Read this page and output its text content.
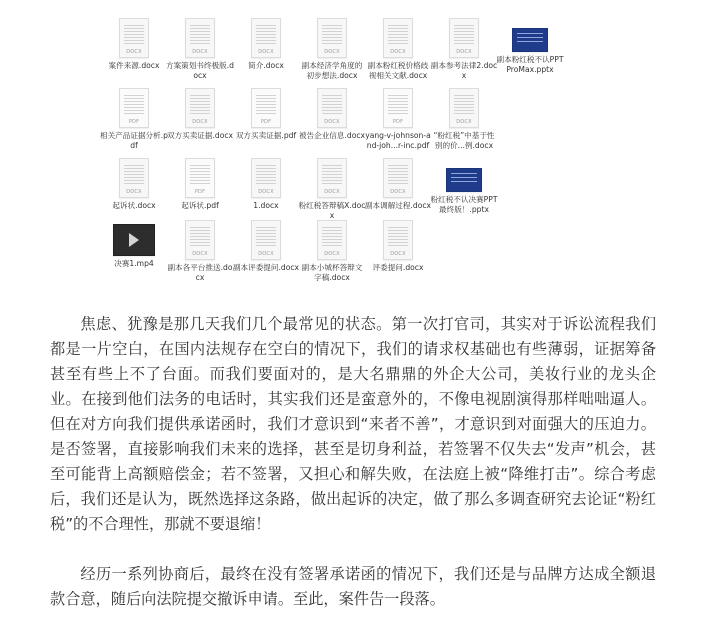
DOCX
案件来源.docx
DOCX
方案策划书终极版.docx
DOCX
简介.docx
DOCX
副本经济学角度的初步想法.docx
DOCX
副本粉红税价格歧视相关文献.docx
DOCX
副本参考法律2.docx
副本粉红税不认PPT ProMax.pptx
PDF
相关产品证据分析.pdf
DOCX
双方买卖证据.docx
PDF
双方买卖证据.pdf
DOCX
被告企业信息.docx
PDF
yang-v-johnson-and-joh...r-inc.pdf
DOCX
“粉红税”中基于性别的价...例.docx
DOCX
起诉状.docx
PDF
起诉状.pdf
DOCX
1.docx
DOCX
粉红税答辩稿X.docx
DOCX
副本调解过程.docx
粉红税不认决赛PPT最终版！.pptx
决赛1.mp4
DOCX
副本各平台推送.docx
DOCX
副本评委提问.docx
DOCX
副本小城杯答辩文字稿.docx
DOCX
评委提问.docx

焦虑、犹豫是那几天我们几个最常见的状态。第一次打官司，其实对于诉讼流程我们都是一片空白，在国内法规存在空白的情况下，我们的请求权基础也有些薄弱，证据筹备甚至有些上不了台面。而我们要面对的，是大名鼎鼎的外企大公司，美妆行业的龙头企业。在接到他们法务的电话时，其实我们还是蛮意外的，不像电视剧演得那样咄咄逼人。但在对方向我们提供承诺函时，我们才意识到“来者不善”，才意识到对面强大的压迫力。是否签署，直接影响我们未来的选择，甚至是切身利益，若签署不仅失去“发声”机会，甚至可能背上高额赔偿金；若不签署，又担心和解失败，在法庭上被“降维打击”。综合考虑后，我们还是认为，既然选择这条路，做出起诉的决定，做了那么多调查研究去论证“粉红税”的不合理性，那就不要退缩！

经历一系列协商后，最终在没有签署承诺函的情况下，我们还是与品牌方达成全额退款合意，随后向法院提交撤诉申请。至此，案件告一段落。
